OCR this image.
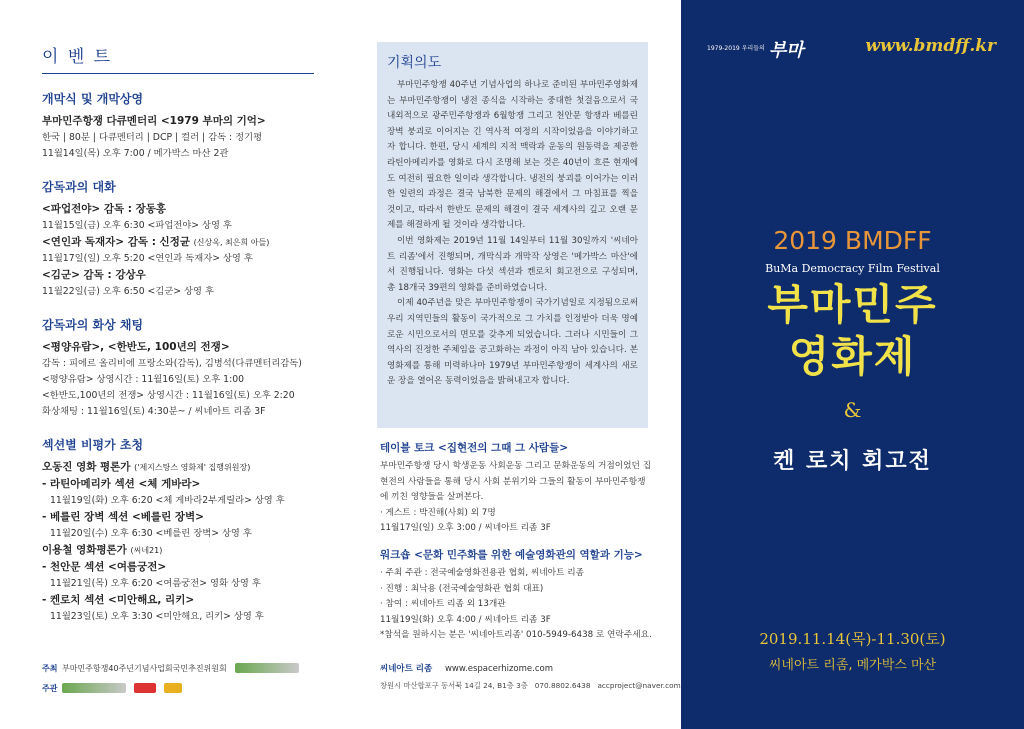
이 벤 트
개막식 및 개막상영
부마민주항쟁 다큐멘터리 <1979 부마의 기억>
한국 | 80분 | 다큐멘터리 | DCP | 컬러 | 감독 : 정기평
11월14일(목) 오후 7:00 / 메가박스 마산 2관
감독과의 대화
<파업전야> 감독 : 장동홍
11월15일(금) 오후 6:30 <파업전야> 상영 후
<연인과 독재자> 감독 : 신정균 (신상옥, 최은희 아들)
11월17일(일) 오후 5:20 <연인과 독재자> 상영 후
<김군> 감독 : 강상우
11월22일(금) 오후 6:50 <김군> 상영 후
감독과의 화상 채팅
<평양유람>, <한반도, 100년의 전쟁>
감독 : 피에르 올리비에 프랑소와(감독), 김병석(다큐멘터리감독)
<평양유람> 상영시간 : 11월16일(토) 오후 1:00
<한반도,100년의 전쟁> 상영시간 : 11월16일(토) 오후 2:20
화상채팅 : 11월16일(토) 4:30분~ / 씨네아트 리좀 3F
섹션별 비평가 초청
오동진 영화 평론가 ('제지스탕스 영화제' 집행위원장)
- 라틴아메리카 섹션 <체 게바라>
11월19일(화) 오후 6:20 <체 게바라2부게릴라> 상영 후
- 베를린 장벽 섹션 <베를린 장벽>
11월20일(수) 오후 6:30 <베를린 장벽> 상영 후
이용철 영화평론가 (씨네21)
- 천안문 섹션 <여름궁전>
11월21일(목) 오후 6:20 <여름궁전> 영화 상영 후
- 켄로치 섹션 <미안해요, 리키>
11월23일(토) 오후 3:30 <미안해요, 리키> 상영 후
주최 부마민주항쟁40주년기념사업회국민추진위원회
주관
기획의도

부마민주항쟁 40주년 기념사업의 하나로 준비된 부마민주영화제는 부마민주항쟁이 냉전 종식을 시작하는 중대한 첫걸음으로서 국내외적으로 광주민주항쟁과 6월항쟁 그리고 천안문 항쟁과 베를린 장벽 붕괴로 이어지는 긴 역사적 여정의 시작이었음을 이야기하고자 합니다. 한편, 당시 세계의 지적 맥락과 운동의 원동력을 제공한 라틴아메리카를 영화로 다시 조명해 보는 것은 40년이 흐른 현재에도 여전히 필요한 일이라 생각합니다. 냉전의 붕괴를 이어가는 이러한 일련의 과정은 결국 남북한 문제의 해결에서 그 마침표를 찍을 것이고, 따라서 한반도 문제의 해결이 결국 세계사의 깊고 오랜 문제를 해결하게 될 것이라 생각합니다.

이번 영화제는 2019년 11월 14일부터 11월 30일까지 '씨네아트 리좀'에서 진행되며, 개막식과 개막작 상영은 '메가박스 마산'에서 진행됩니다. 영화는 다섯 섹션과 켄로치 회고전으로 구성되며, 총 18개국 39편의 영화를 준비하였습니다.

이제 40주년을 맞은 부마민주항쟁이 국가기념일로 지정됨으로써 우리 지역민들의 활동이 국가적으로 그 가치를 인정받아 더욱 명예로운 시민으로서의 면모를 갖추게 되었습니다. 그러나 시민들이 그 역사의 진정한 주체임을 공고화하는 과정이 아직 남아 있습니다. 본 영화제를 통해 미력하나마 1979년 부마민주항쟁이 세계사의 새로운 장을 열어온 동력이었음을 밝혀내고자 합니다.

테이블 토크 <집현전의 그때 그 사람들>
부마민주항쟁 당시 학생운동 사회운동 그리고 문화운동의 거점이었던 집현전의 사람들을 통해 당시 사회 분위기와 그들의 활동이 부마민주항쟁에 끼친 영향들을 살펴본다.
· 게스트 : 박진해(사회) 외 7명
11월17일(일) 오후 3:00 / 씨네아트 리좀 3F
워크숍 <문화 민주화를 위한 예술영화관의 역할과 기능>
· 주최 주관 : 전국예술영화전용관 협회, 씨네아트 리좀
· 진행 : 최낙용 (전국예술영화관 협회 대표)
· 참여 : 씨네아트 리좀 외 13개관
11월19일(화) 오후 4:00 / 씨네아트 리좀 3F
*참석을 원하시는 분은 '씨네아트리좀' 010-5949-6438 로 연락주세요.
씨네아트 리좀 www.espacerhizome.com
창원시 마산합포구 동서북 14길 24, B1층 3층 070.8802.6438 accproject@naver.com
1979-2019 우리들의 부마	www.bmdff.kr
2019 BMDFF
BuMa Democracy Film Festival
부마민주
영화제
&
켄 로치 회고전
2019.11.14(목)-11.30(토)
씨네아트 리좀, 메가박스 마산
